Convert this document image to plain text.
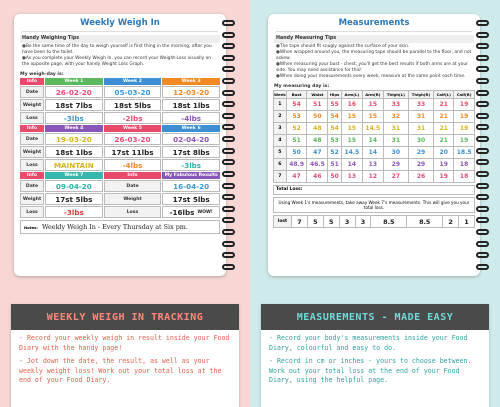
Weekly Weigh In
Handy Weighing Tips
● Be the same time of the day to weigh yourself is first thing in the morning, after you have been to the toilet.
● As you complete your Weekly Weigh In, you can record your Weight-Loss visually on the opposite page, with your handy Weight Loss Graph.
My weigh-day is:
Info	Week 1	Week 2	Week 3
Date	26-02-20	05-03-20	12-03-20
Weight	18st 7lbs	18st 5lbs	18st 1lbs
Loss	-3lbs	-2lbs	-4lbs
Info	Week 4	Week 5	Week 6
Date	19-03-20	26-03-20	02-04-20
Weight	18st 1lbs	17st 11lbs	17st 8lbs
Loss	MAINTAIN	-4lbs	-3lbs
Info	Week 7	Info	My Fabulous Results
Date	09-04-20	Date	16-04-20
Weight	17st 5lbs	Weight	17st 5lbs
Loss	-3lbs	Loss	-16lbs WOW!
Notes: Weekly Weigh In - Every Thursday at Six pm.
Measurements
Handy Measuring Tips
● The tape should fit snugly against the surface of your skin.
● When wrapped around you, the measuring tape should be parallel to the floor, and not askew.
● When measuring your bust - chest, you'll get the best results if both arms are at your side. You may need assistance for this!
● When doing your measurements every week, measure at the same point each time.
My measuring day is:
Week	Bust	Waist	Hips	Arm(L)	Arm(R)	Thigh(L)	Thigh(R)	Calf(L)	Calf(R)
1	54	51	55	16	15	33	33	21	19
2	53	50	54	15	15	32	31	21	19
3	52	48	54	15	14.5	31	31	21	19
4	51	48	53	15	14	31	30	21	19
5	50	47	52	14.5	14	30	29	20	18.5
6	48.9	46.5	51	14	13	29	29	19	18
7	47	46	50	13	12	27	26	19	18
Total Loss:
Using Week 1's measurements, take away Week 7's measurements. This will give you your total loss.
lost	7	5	5	3	3	8.5	8.5	2	1
WEEKLY WEIGH IN TRACKING

- Record your weekly weigh in result inside your Food Diary with the handy page!

- Jot down the date, the result, as well as your weekly weight loss! Work out your total loss at the end of your Food Diary.

MEASUREMENTS - MADE EASY

- Record your body's measurements inside your Food Diary, colourful and easy to do.

- Record in cm or inches - yours to choose between. Work out your total loss at the end of your Food Diary, using the helpful page.
